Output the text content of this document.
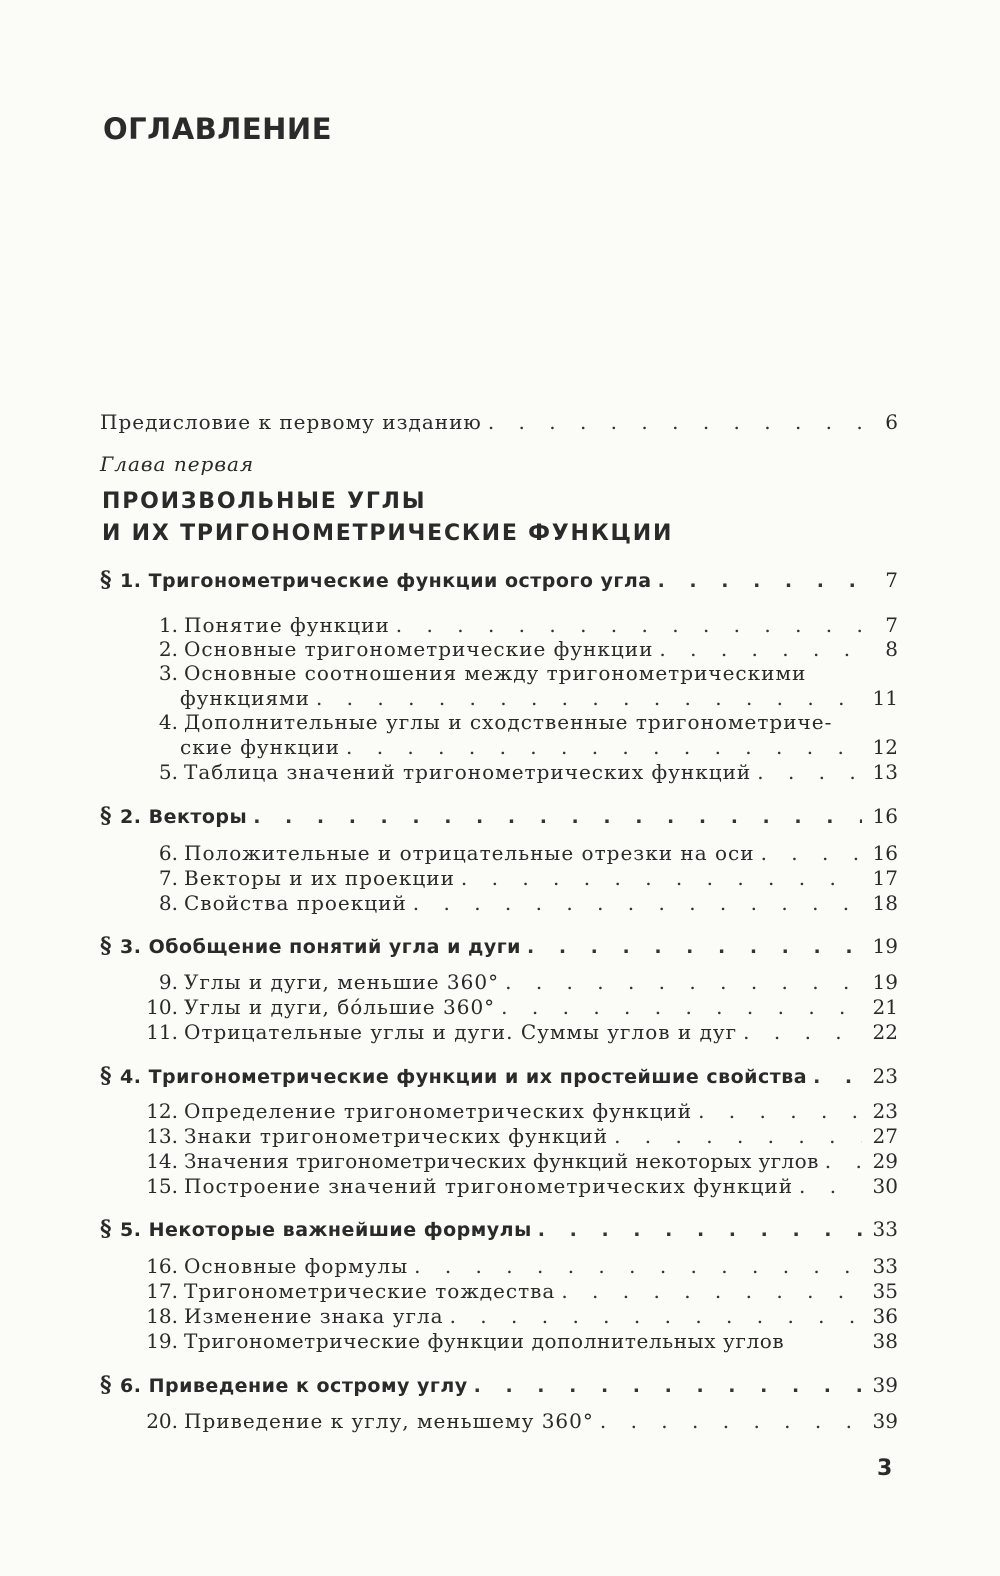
ОГЛАВЛЕНИЕ
Предисловие к первому изданию . . .	6
Глава первая
ПРОИЗВОЛЬНЫЕ УГЛЫ
И ИХ ТРИГОНОМЕТРИЧЕСКИЕ ФУНКЦИИ
§ 1. Тригонометрические функции острого угла . . .	7
1. Понятие функции . . .	7
2. Основные тригонометрические функции . . .	8
3. Основные соотношения между тригонометрическими
функциями . . .	11
4. Дополнительные углы и сходственные тригонометриче-
ские функции . . .	12
5. Таблица значений тригонометрических функций . . .	13
§ 2. Векторы . . .	16
6. Положительные и отрицательные отрезки на оси . . .	16
7. Векторы и их проекции . . .	17
8. Свойства проекций . . .	18
§ 3. Обобщение понятий угла и дуги . . .	19
9. Углы и дуги, меньшие 360° . . .	19
10. Углы и дуги, бо́льшие 360° . . .	21
11. Отрицательные углы и дуги. Суммы углов и дуг . . .	22
§ 4. Тригонометрические функции и их простейшие свойства . . .	23
12. Определение тригонометрических функций . . .	23
13. Знаки тригонометрических функций . . .	27
14. Значения тригонометрических функций некоторых углов . . .	29
15. Построение значений тригонометрических функций . . .	30
§ 5. Некоторые важнейшие формулы . . .	33
16. Основные формулы . . .	33
17. Тригонометрические тождества . . .	35
18. Изменение знака угла . . .	36
19. Тригонометрические функции дополнительных углов	38
§ 6. Приведение к острому углу . . .	39
20. Приведение к углу, меньшему 360° . . .	39
3
